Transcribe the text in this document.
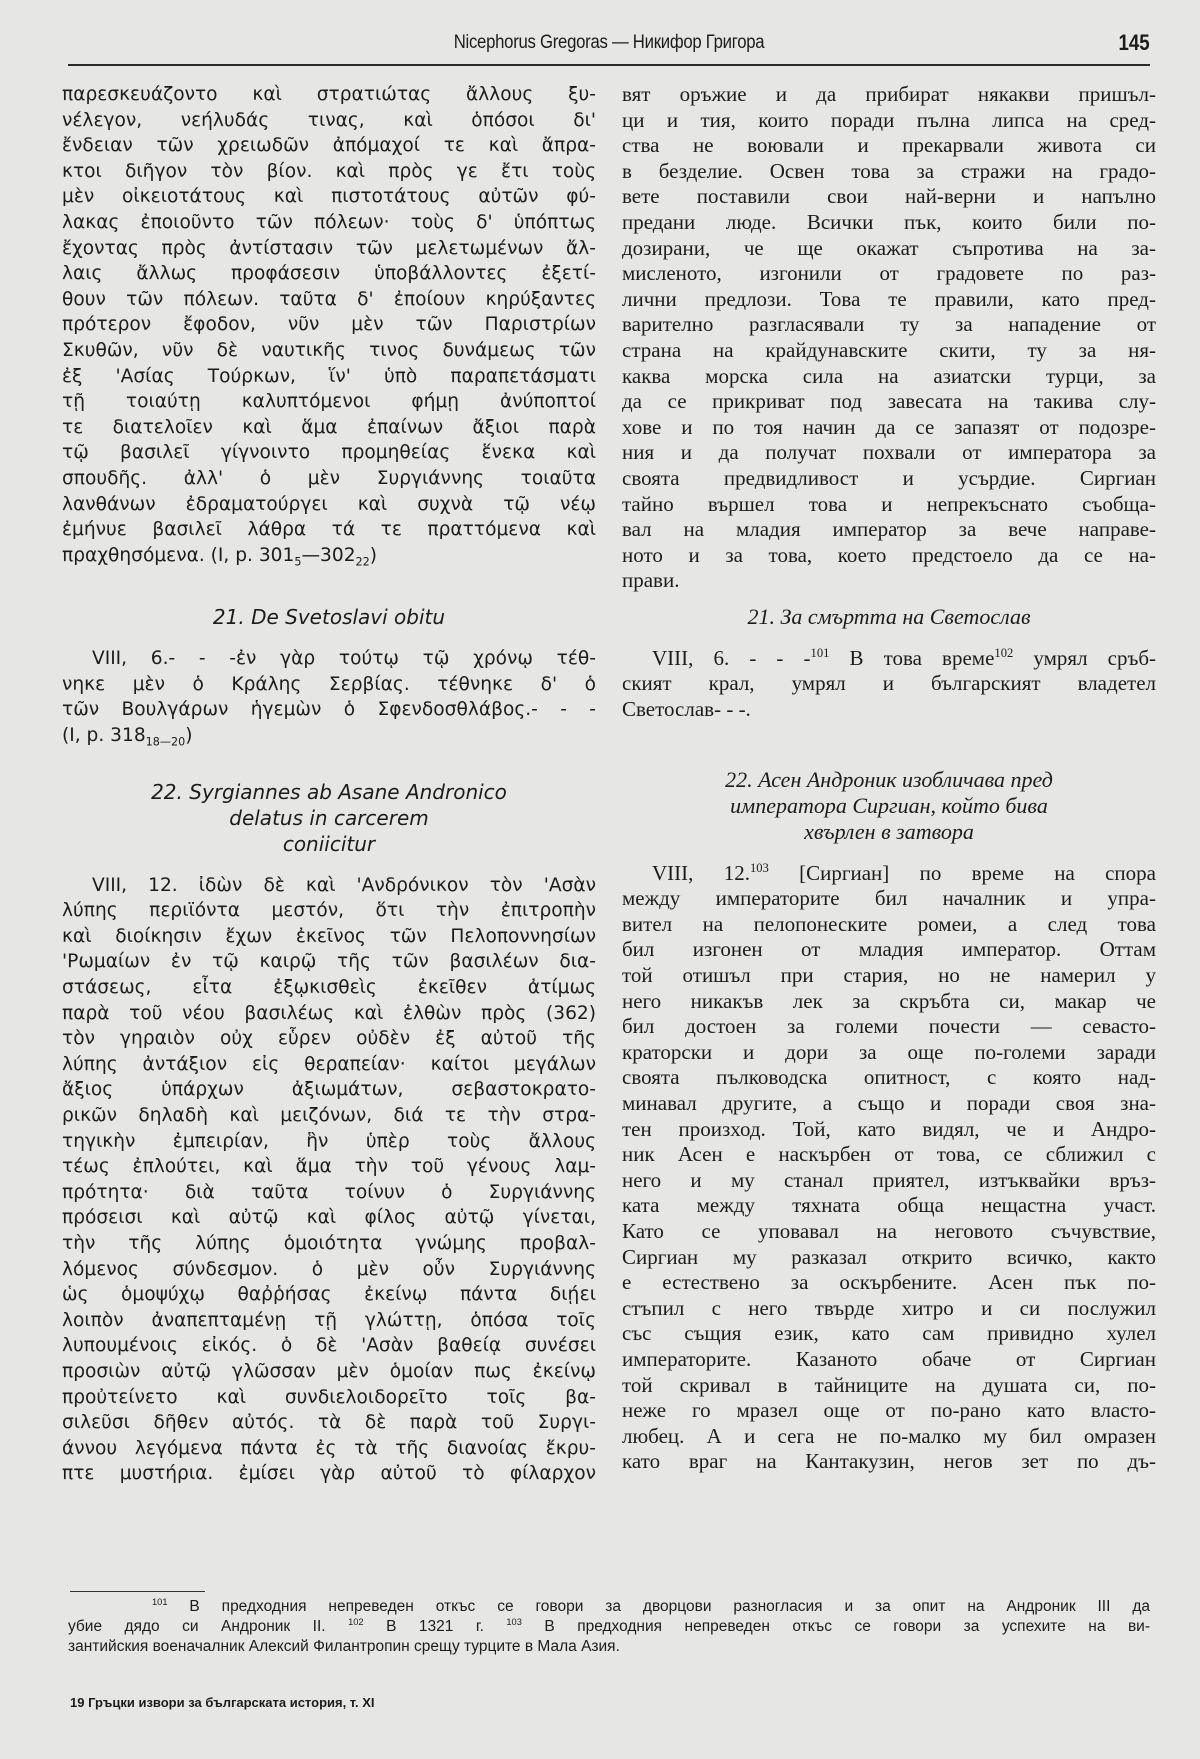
Nicephorus Gregoras — Никифор Григора	145
παρεσκευάζοντο καὶ στρατιώτας ἄλλους ξυ-
νέλεγον, νεήλυδάς τινας, καὶ ὁπόσοι δι'
ἔνδειαν τῶν χρειωδῶν ἀπόμαχοί τε καὶ ἄπρα-
κτοι διῆγον τὸν βίον. καὶ πρὸς γε ἔτι τοὺς
μὲν οἰκειοτάτους καὶ πιστοτάτους αὐτῶν φύ-
λακας ἐποιοῦντο τῶν πόλεων· τοὺς δ' ὑπόπτως
ἔχοντας πρὸς ἀντίστασιν τῶν μελετωμένων ἄλ-
λαις ἄλλως προφάσεσιν ὑποβάλλοντες ἐξετί-
θουν τῶν πόλεων. ταῦτα δ' ἐποίουν κηρύξαντες
πρότερον ἔφοδον, νῦν μὲν τῶν Παριστρίων
Σκυθῶν, νῦν δὲ ναυτικῆς τινος δυνάμεως τῶν
ἐξ 'Ασίας Τούρκων, ἵν' ὑπὸ παραπετάσματι
τῇ τοιαύτῃ καλυπτόμενοι φήμῃ ἀνύποπτοί
τε διατελοῖεν καὶ ἅμα ἐπαίνων ἄξιοι παρὰ
τῷ βασιλεῖ γίγνοιντο προμηθείας ἕνεκα καὶ
σπουδῆς. ἀλλ' ὁ μὲν Συργιάννης τοιαῦτα
λανθάνων ἐδραματούργει καὶ συχνὰ τῷ νέῳ
ἐμήνυε βασιλεῖ λάθρα τά τε πραττόμενα καὶ
πραχθησόμενα. (I, p. $301_5—302_{22}$)
21. De Svetoslavi obitu
VIII, 6.- - -ἐν γὰρ τούτῳ τῷ χρόνῳ τέθ-
νηκε μὲν ὁ Κράλης Σερβίας. τέθνηκε δ' ὁ
τῶν Βουλγάρων ἡγεμὼν ὁ Σφενδοσθλάβος.- - -
(I, p. $318_{18—20}$)
22. Syrgiannes ab Asane Andronico
delatus in carcerem
coniicitur
VIII, 12. ἰδὼν δὲ καὶ 'Ανδρόνικον τὸν 'Ασὰν
λύπης περιϊόντα μεστόν, ὅτι τὴν ἐπιτροπὴν
καὶ διοίκησιν ἔχων ἐκεῖνος τῶν Πελοποννησίων
'Ρωμαίων ἐν τῷ καιρῷ τῆς τῶν βασιλέων δια-
στάσεως, εἶτα ἐξῳκισθεὶς ἐκεῖθεν ἀτίμως
παρὰ τοῦ νέου βασιλέως καὶ ἐλθὼν πρὸς (362)
τὸν γηραιὸν οὐχ εὗρεν οὐδὲν ἐξ αὐτοῦ τῆς
λύπης ἀντάξιον εἰς θεραπείαν· καίτοι μεγάλων
ἄξιος ὑπάρχων ἀξιωμάτων, σεβαστοκρατο-
ρικῶν δηλαδὴ καὶ μειζόνων, διά τε τὴν στρα-
τηγικὴν ἐμπειρίαν, ἣν ὑπὲρ τοὺς ἄλλους
τέως ἐπλούτει, καὶ ἅμα τὴν τοῦ γένους λαμ-
πρότητα· διὰ ταῦτα τοίνυν ὁ Συργιάννης
πρόσεισι καὶ αὐτῷ καὶ φίλος αὐτῷ γίνεται,
τὴν τῆς λύπης ὁμοιότητα γνώμης προβαλ-
λόμενος σύνδεσμον. ὁ μὲν οὖν Συργιάννης
ὡς ὁμοψύχῳ θαῤῥήσας ἐκείνῳ πάντα διῄει
λοιπὸν ἀναπεπταμένῃ τῇ γλώττῃ, ὁπόσα τοῖς
λυπουμένοις εἰκός. ὁ δὲ 'Ασὰν βαθείᾳ συνέσει
προσιὼν αὐτῷ γλῶσσαν μὲν ὁμοίαν πως ἐκείνῳ
προὐτείνετο καὶ συνδιελοιδορεῖτο τοῖς βα-
σιλεῦσι δῆθεν αὐτός. τὰ δὲ παρὰ τοῦ Συργι-
άννου λεγόμενα πάντα ἐς τὰ τῆς διανοίας ἔκρυ-
πτε μυστήρια. ἐμίσει γὰρ αὐτοῦ τὸ φίλαρχον
вят оръжие и да прибират някакви пришъл-
ци и тия, които поради пълна липса на сред-
ства не воювали и прекарвали живота си
в безделие. Освен това за стражи на градо-
вете поставили свои най-верни и напълно
предани люде. Всички пък, които били по-
дозирани, че ще окажат съпротива на за-
мисленото, изгонили от градовете по раз-
лични предлози. Това те правили, като пред-
варително разгласявали ту за нападение от
страна на крайдунавските скити, ту за ня-
каква морска сила на азиатски турци, за
да се прикриват под завесата на такива слу-
хове и по тоя начин да се запазят от подозре-
ния и да получат похвали от императора за
своята предвидливост и усърдие. Сиргиан
тайно вършел това и непрекъснато съобща-
вал на младия император за вече направе-
ното и за това, което предстоело да се на-
прави.
21. За смъртта на Светослав
VIII, 6. - - -$^{101}$ В това време$^{102}$ умрял сръб-
ският крал, умрял и българският владетел
Светослав- - -.
22. Асен Андроник изобличава пред
императора Сиргиан, който бива
хвърлен в затвора
VIII, 12.$^{103}$ [Сиргиан] по време на спора
между императорите бил началник и упра-
вител на пелопонеските ромеи, а след това
бил изгонен от младия император. Оттам
той отишъл при стария, но не намерил у
него никакъв лек за скръбта си, макар че
бил достоен за големи почести — севасто-
краторски и дори за още по-големи заради
своята пълководска опитност, с която над-
минавал другите, а също и поради своя зна-
тен произход. Той, като видял, че и Андро-
ник Асен е наскърбен от това, се сближил с
него и му станал приятел, изтъквайки връз-
ката между тяхната обща нещастна участ.
Като се уповавал на неговото съчувствие,
Сиргиан му разказал открито всичко, както
е естествено за оскърбените. Асен пък по-
стъпил с него твърде хитро и си послужил
със същия език, като сам привидно хулел
императорите. Казаното обаче от Сиргиан
той скривал в тайниците на душата си, по-
неже го мразел още от по-рано като власто-
любец. А и сега не по-малко му бил омразен
като враг на Кантакузин, негов зет по дъ-
$^{101}$ В предходния непреведен откъс се говори за дворцови разногласия и за опит на Андроник III да
убие дядо си Андроник II. $^{102}$ В 1321 г. $^{103}$ В предходния непреведен откъс се говори за успехите на ви-
зантийския военачалник Алексий Филантропин срещу турците в Мала Азия.
19 Гръцки извори за българската история, т. XI
